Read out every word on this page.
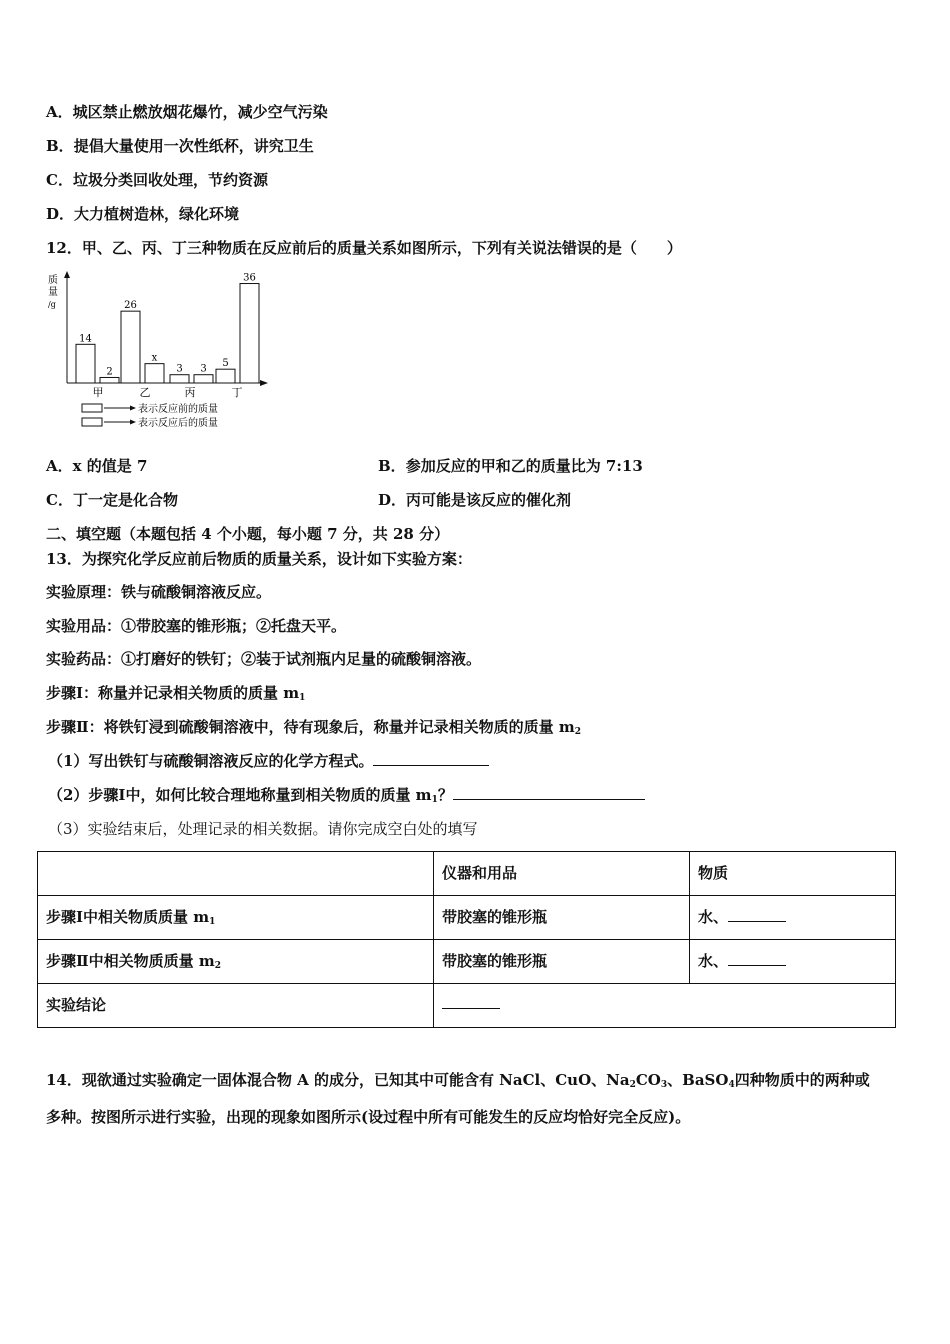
A．城区禁止燃放烟花爆竹，减少空气污染
B．提倡大量使用一次性纸杯，讲究卫生
C．垃圾分类回收处理，节约资源
D．大力植树造林，绿化环境
12．甲、乙、丙、丁三种物质在反应前后的质量关系如图所示，下列有关说法错误的是（　　）
质
量
/g
14
2
26
x
3 3
5
36
甲	乙	丙	丁
表示反应前的质量
表示反应后的质量
A．x 的值是 7	B．参加反应的甲和乙的质量比为 7:13
C．丁一定是化合物	D．丙可能是该反应的催化剂
二、填空题（本题包括 4 个小题，每小题 7 分，共 28 分）
13．为探究化学反应前后物质的质量关系，设计如下实验方案：
实验原理：铁与硫酸铜溶液反应。
实验用品：①带胶塞的锥形瓶；②托盘天平。
实验药品：①打磨好的铁钉；②装于试剂瓶内足量的硫酸铜溶液。
步骤Ⅰ：称量并记录相关物质的质量 $m_1$
步骤Ⅱ：将铁钉浸到硫酸铜溶液中，待有现象后，称量并记录相关物质的质量 $m_2$
（1）写出铁钉与硫酸铜溶液反应的化学方程式。
（2）步骤Ⅰ中，如何比较合理地称量到相关物质的质量 $m_1$？
（3）实验结束后，处理记录的相关数据。请你完成空白处的填写
	仪器和用品	物质
步骤Ⅰ中相关物质质量 $m_1$	带胶塞的锥形瓶	水、
步骤Ⅱ中相关物质质量 $m_2$	带胶塞的锥形瓶	水、
实验结论		
14．现欲通过实验确定一固体混合物 A 的成分，已知其中可能含有 NaCl、CuO、$Na_2CO_3$、BaSO$_4$四种物质中的两种或
多种。按图所示进行实验，出现的现象如图所示(设过程中所有可能发生的反应均恰好完全反应)。
